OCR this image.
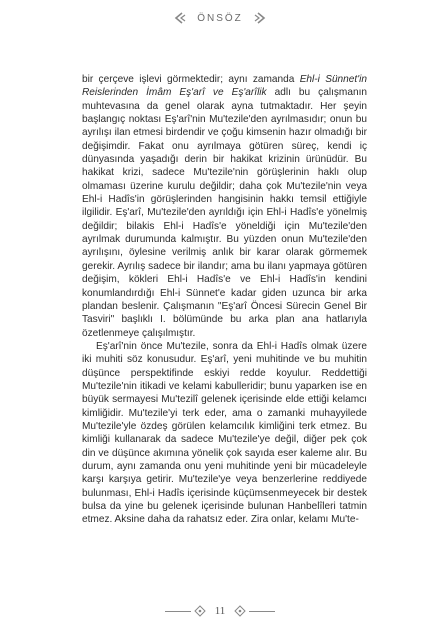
ÖNSÖZ

bir çerçeve işlevi görmektedir; aynı zamanda Ehl-i Sünnet'in Reislerinden İmâm Eş'arî ve Eş'arîlik adlı bu çalışmanın muhtevasına da genel olarak ayna tutmaktadır. Her şeyin başlangıç noktası Eş'arî'nin Mu'tezile'den ayrılmasıdır; onun bu ayrılışı ilan etmesi birdendir ve çoğu kimsenin hazır olmadığı bir değişimdir. Fakat onu ayrılmaya götüren süreç, kendi iç dünyasında yaşadığı derin bir hakikat krizinin ürünüdür. Bu hakikat krizi, sadece Mu'tezile'nin görüşlerinin haklı olup olmaması üzerine kurulu değildir; daha çok Mu'tezile'nin veya Ehl-i Hadîs'in görüşlerinden hangisinin hakkı temsil ettiğiyle ilgilidir. Eş'arî, Mu'tezile'den ayrıldığı için Ehl-i Hadîs'e yönelmiş değildir; bilakis Ehl-i Hadîs'e yöneldiği için Mu'tezile'den ayrılmak durumunda kalmıştır. Bu yüzden onun Mu'tezile'den ayrılışını, öylesine verilmiş anlık bir karar olarak görmemek gerekir. Ayrılış sadece bir ilandır; ama bu ilanı yapmaya götüren değişim, kökleri Ehl-i Hadîs'e ve Ehl-i Hadîs'in kendini konumlandırdığı Ehl-i Sünnet'e kadar giden uzunca bir arka plandan beslenir. Çalışmanın "Eş'arî Öncesi Sürecin Genel Bir Tasviri" başlıklı I. bölümünde bu arka plan ana hatlarıyla özetlenmeye çalışılmıştır.

Eş'arî'nin önce Mu'tezile, sonra da Ehl-i Hadîs olmak üzere iki muhiti söz konusudur. Eş'arî, yeni muhitinde ve bu muhitin düşünce perspektifinde eskiyi redde koyulur. Reddettiği Mu'tezile'nin itikadi ve kelami kabulleridir; bunu yaparken ise en büyük sermayesi Mu'tezilî gelenek içerisinde elde ettiği kelamcı kimliğidir. Mu'tezile'yi terk eder, ama o zamanki muhayyilede Mu'tezile'yle özdeş görülen kelamcılık kimliğini terk etmez. Bu kimliği kullanarak da sadece Mu'tezile'ye değil, diğer pek çok din ve düşünce akımına yönelik çok sayıda eser kaleme alır. Bu durum, aynı zamanda onu yeni muhitinde yeni bir mücadeleyle karşı karşıya getirir. Mu'tezile'ye veya benzerlerine reddiyede bulunması, Ehl-i Hadîs içerisinde küçümsenmeyecek bir destek bulsa da yine bu gelenek içerisinde bulunan Hanbelîleri tatmin etmez. Aksine daha da rahatsız eder. Zira onlar, kelamı Mu'te-

11
